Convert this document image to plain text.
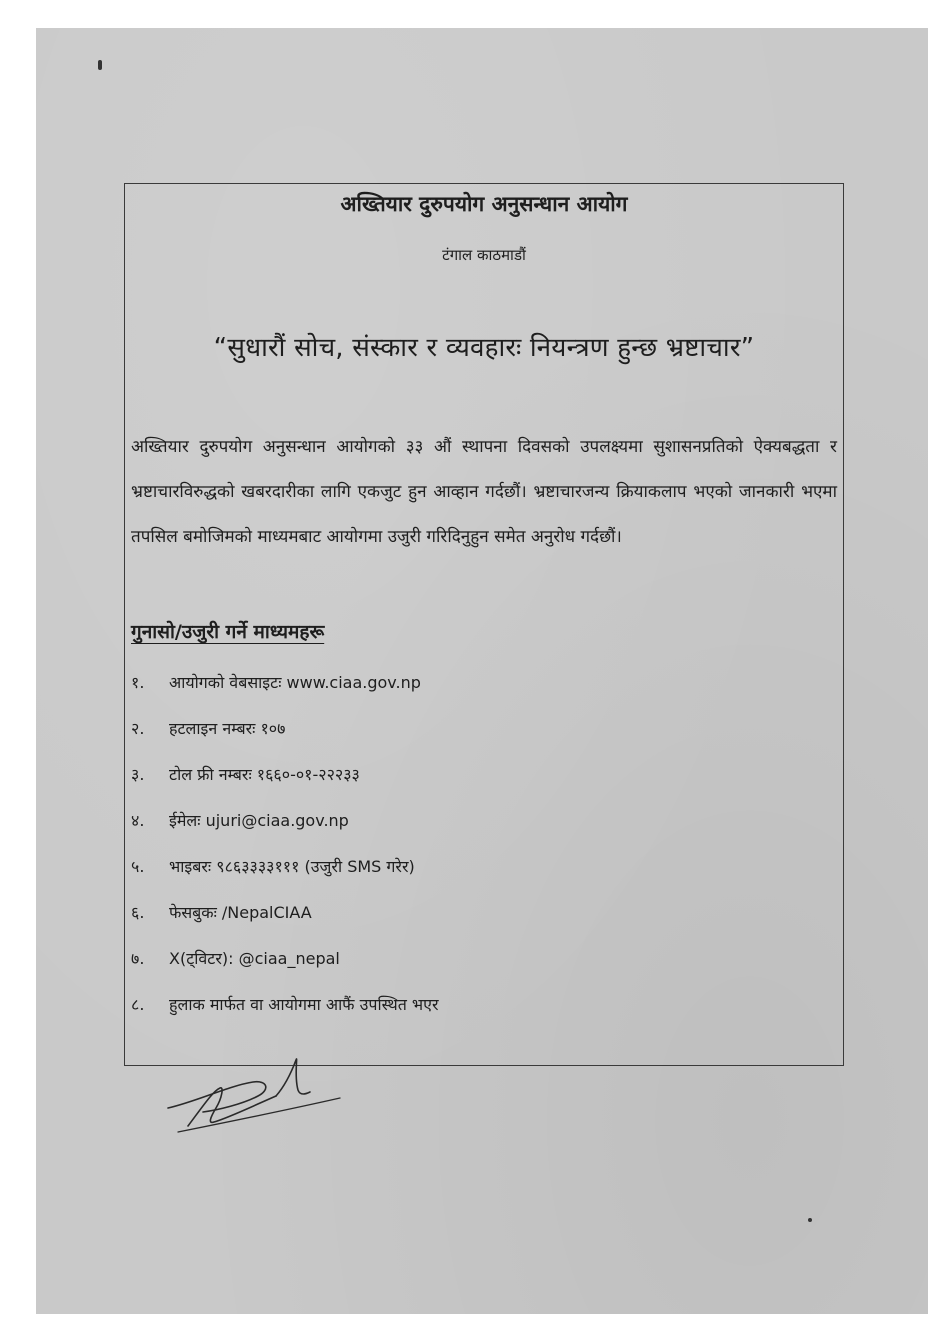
अख्तियार दुरुपयोग अनुसन्धान आयोग
टंगाल काठमाडौं
“सुधारौं सोच, संस्कार र व्यवहारः नियन्त्रण हुन्छ भ्रष्टाचार”
अख्तियार दुरुपयोग अनुसन्धान आयोगको ३३ औं स्थापना दिवसको उपलक्ष्यमा सुशासनप्रतिको ऐक्यबद्धता र भ्रष्टाचारविरुद्धको खबरदारीका लागि एकजुट हुन आव्हान गर्दछौं। भ्रष्टाचारजन्य क्रियाकलाप भएको जानकारी भएमा तपसिल बमोजिमको माध्यमबाट आयोगमा उजुरी गरिदिनुहुन समेत अनुरोध गर्दछौं।
गुनासो/उजुरी गर्ने माध्यमहरू
१. आयोगको वेबसाइटः www.ciaa.gov.np
२. हटलाइन नम्बरः १०७
३. टोल फ्री नम्बरः १६६०-०१-२२२३३
४. ईमेलः ujuri@ciaa.gov.np
५. भाइबरः ९८६३३३३१११ (उजुरी SMS गरेर)
६. फेसबुकः /NepalCIAA
७. X(ट्विटर): @ciaa_nepal
८. हुलाक मार्फत वा आयोगमा आफैं उपस्थित भएर
